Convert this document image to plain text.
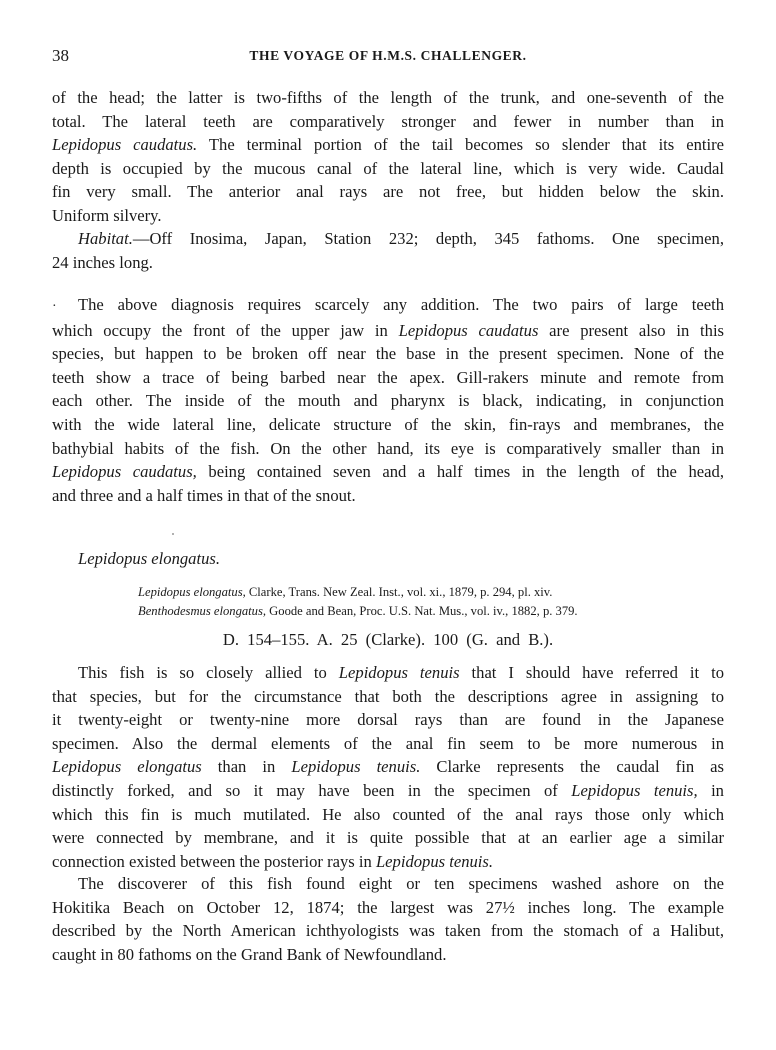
38	THE VOYAGE OF H.M.S. CHALLENGER.
of the head; the latter is two-fifths of the length of the trunk, and one-seventh of the
total. The lateral teeth are comparatively stronger and fewer in number than in
Lepidopus caudatus. The terminal portion of the tail becomes so slender that its entire
depth is occupied by the mucous canal of the lateral line, which is very wide. Caudal
fin very small. The anterior anal rays are not free, but hidden below the skin.
Uniform silvery.
Habitat.—Off Inosima, Japan, Station 232; depth, 345 fathoms. One specimen,
24 inches long.
· The above diagnosis requires scarcely any addition. The two pairs of large teeth
which occupy the front of the upper jaw in Lepidopus caudatus are present also in this
species, but happen to be broken off near the base in the present specimen. None of the
teeth show a trace of being barbed near the apex. Gill-rakers minute and remote from
each other. The inside of the mouth and pharynx is black, indicating, in conjunction
with the wide lateral line, delicate structure of the skin, fin-rays and membranes, the
bathybial habits of the fish. On the other hand, its eye is comparatively smaller than in
Lepidopus caudatus, being contained seven and a half times in the length of the head,
and three and a half times in that of the snout.
Lepidopus elongatus.
Lepidopus elongatus, Clarke, Trans. New Zeal. Inst., vol. xi., 1879, p. 294, pl. xiv.
Benthodesmus elongatus, Goode and Bean, Proc. U.S. Nat. Mus., vol. iv., 1882, p. 379.
D. 154–155. A. 25 (Clarke). 100 (G. and B.).
This fish is so closely allied to Lepidopus tenuis that I should have referred it to
that species, but for the circumstance that both the descriptions agree in assigning to
it twenty-eight or twenty-nine more dorsal rays than are found in the Japanese
specimen. Also the dermal elements of the anal fin seem to be more numerous in
Lepidopus elongatus than in Lepidopus tenuis. Clarke represents the caudal fin as
distinctly forked, and so it may have been in the specimen of Lepidopus tenuis, in
which this fin is much mutilated. He also counted of the anal rays those only which
were connected by membrane, and it is quite possible that at an earlier age a similar
connection existed between the posterior rays in Lepidopus tenuis.
The discoverer of this fish found eight or ten specimens washed ashore on the
Hokitika Beach on October 12, 1874; the largest was 27½ inches long. The example
described by the North American ichthyologists was taken from the stomach of a Halibut,
caught in 80 fathoms on the Grand Bank of Newfoundland.
